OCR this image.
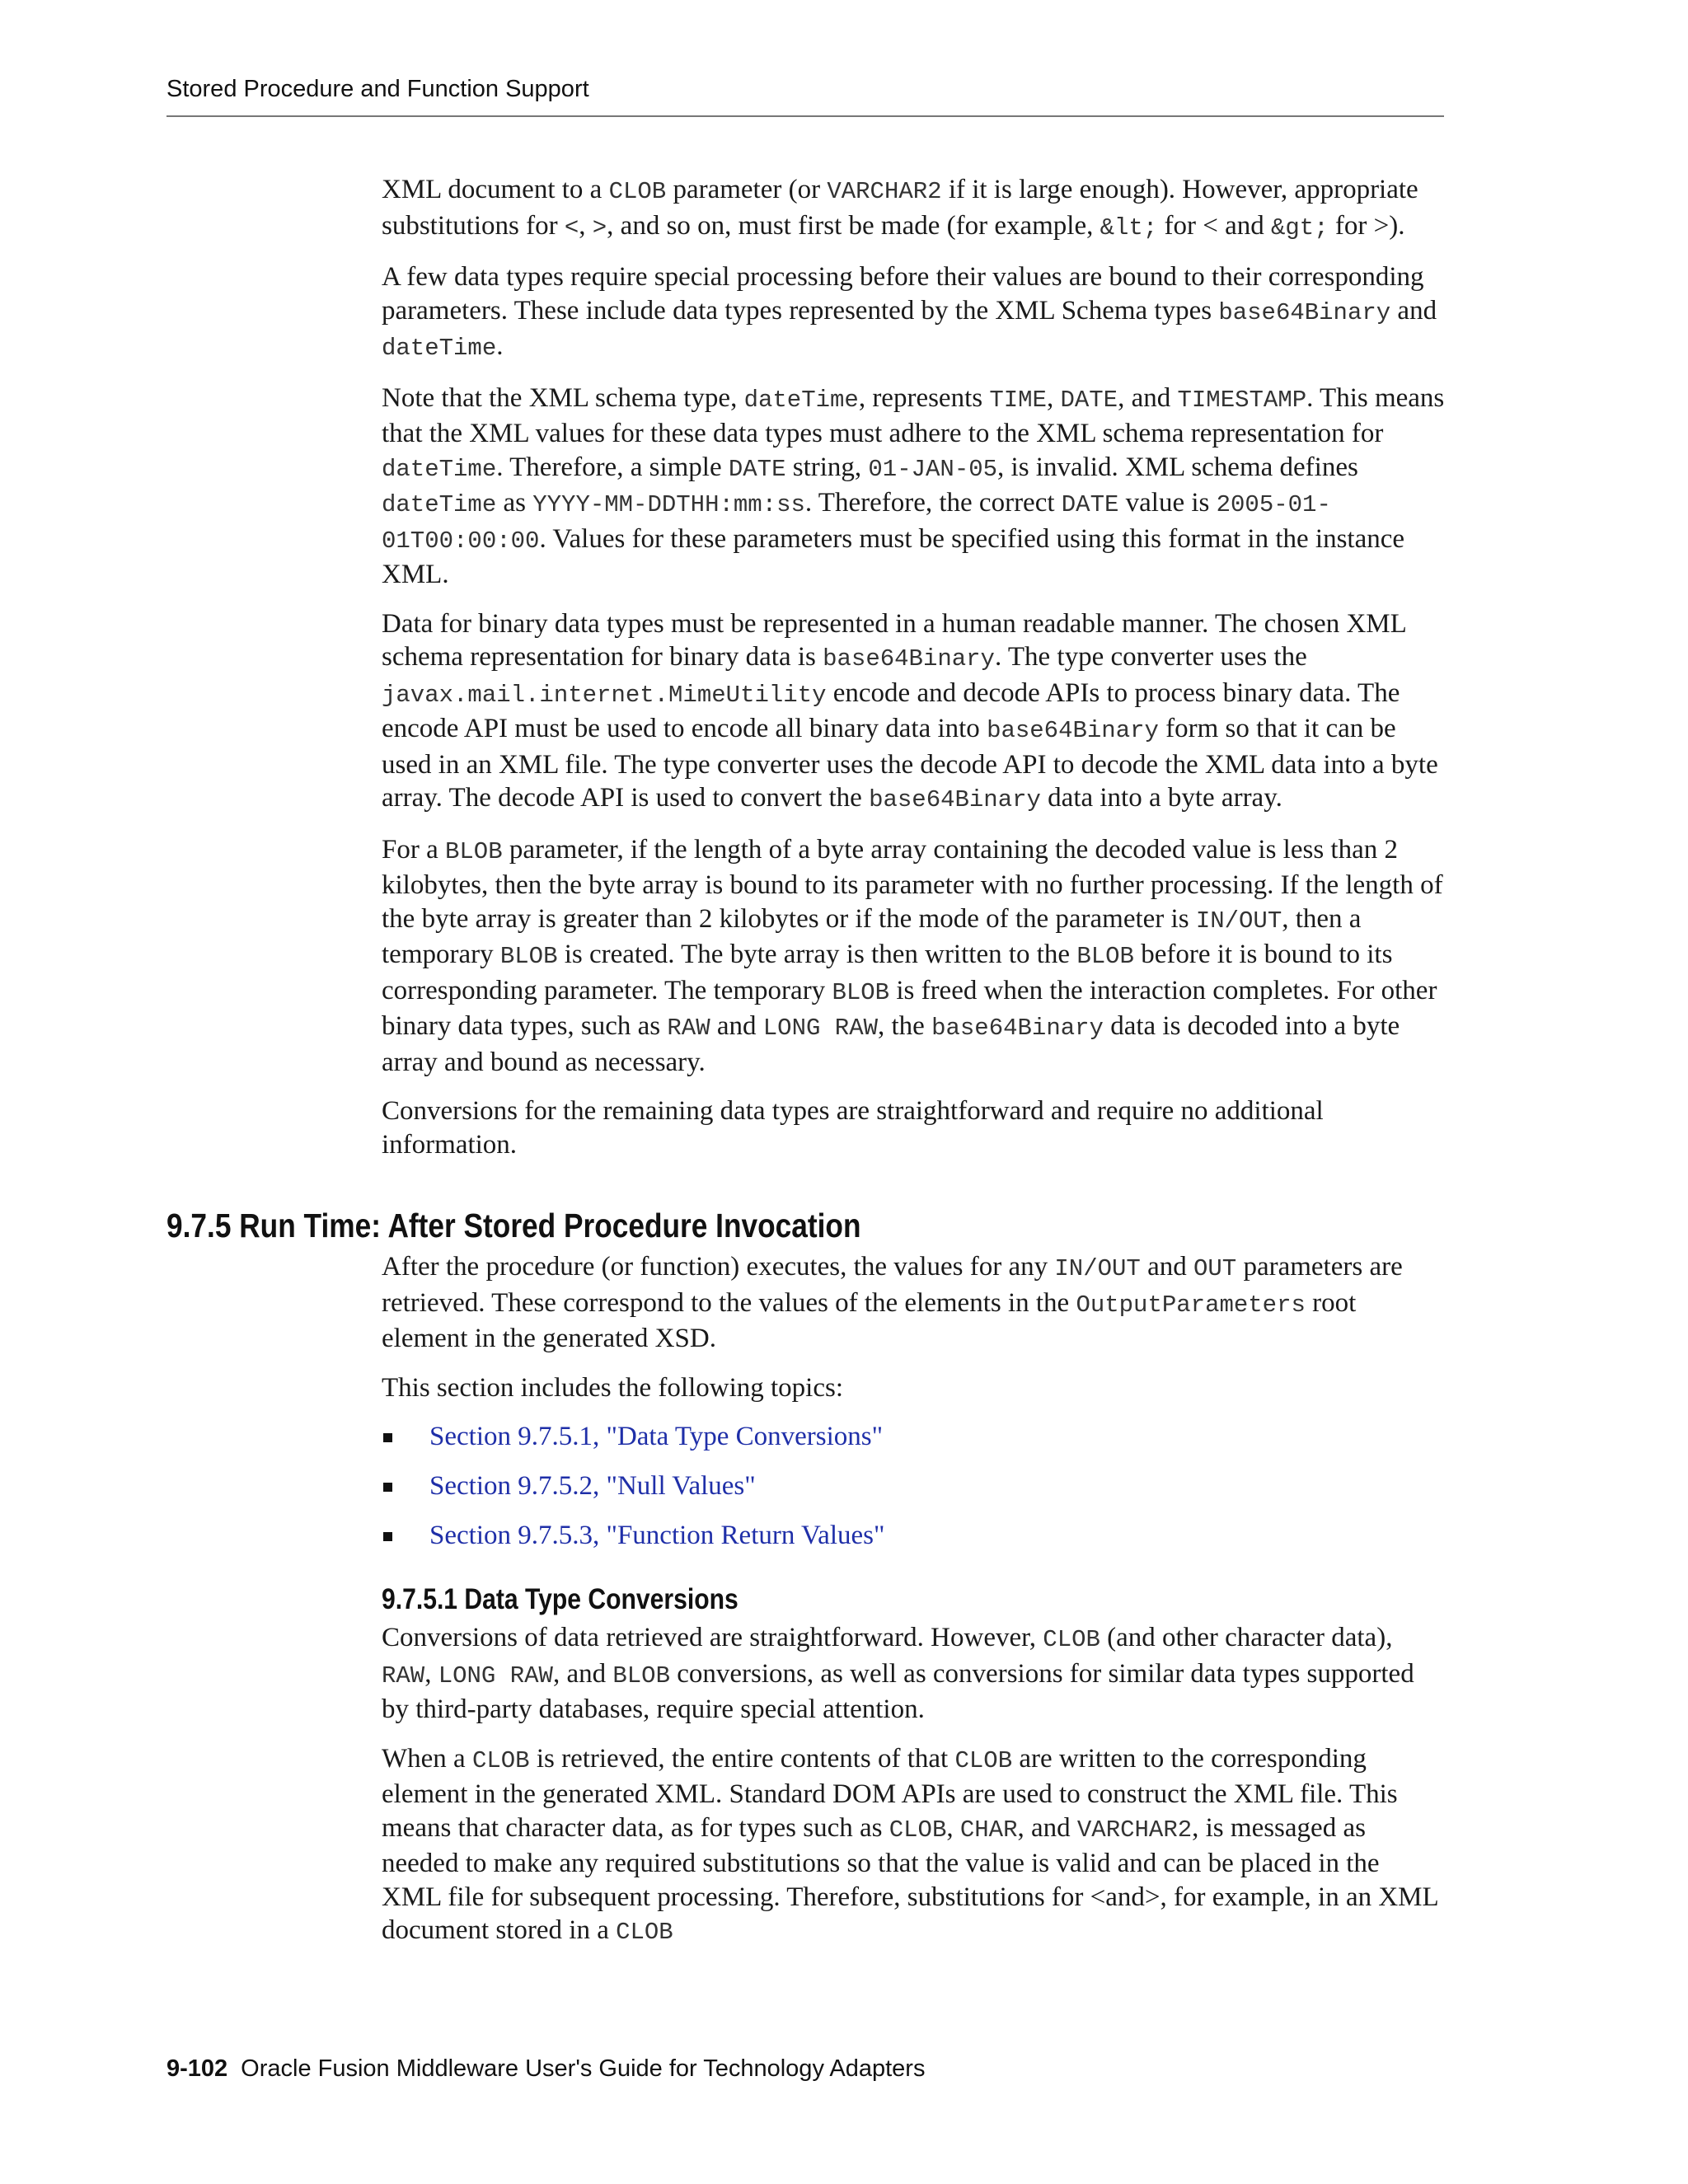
Stored Procedure and Function Support

XML document to a CLOB parameter (or VARCHAR2 if it is large enough). However, appropriate substitutions for <, >, and so on, must first be made (for example, &lt; for < and &gt; for >).

A few data types require special processing before their values are bound to their corresponding parameters. These include data types represented by the XML Schema types base64Binary and dateTime.

Note that the XML schema type, dateTime, represents TIME, DATE, and TIMESTAMP. This means that the XML values for these data types must adhere to the XML schema representation for dateTime. Therefore, a simple DATE string, 01-JAN-05, is invalid. XML schema defines dateTime as YYYY-MM-DDTHH:mm:ss. Therefore, the correct DATE value is 2005-01-01T00:00:00. Values for these parameters must be specified using this format in the instance XML.

Data for binary data types must be represented in a human readable manner. The chosen XML schema representation for binary data is base64Binary. The type converter uses the javax.mail.internet.MimeUtility encode and decode APIs to process binary data. The encode API must be used to encode all binary data into base64Binary form so that it can be used in an XML file. The type converter uses the decode API to decode the XML data into a byte array. The decode API is used to convert the base64Binary data into a byte array.

For a BLOB parameter, if the length of a byte array containing the decoded value is less than 2 kilobytes, then the byte array is bound to its parameter with no further processing. If the length of the byte array is greater than 2 kilobytes or if the mode of the parameter is IN/OUT, then a temporary BLOB is created. The byte array is then written to the BLOB before it is bound to its corresponding parameter. The temporary BLOB is freed when the interaction completes. For other binary data types, such as RAW and LONG RAW, the base64Binary data is decoded into a byte array and bound as necessary.

Conversions for the remaining data types are straightforward and require no additional information.

9.7.5 Run Time: After Stored Procedure Invocation

After the procedure (or function) executes, the values for any IN/OUT and OUT parameters are retrieved. These correspond to the values of the elements in the OutputParameters root element in the generated XSD.

This section includes the following topics:

Section 9.7.5.1, "Data Type Conversions"
Section 9.7.5.2, "Null Values"
Section 9.7.5.3, "Function Return Values"
9.7.5.1 Data Type Conversions

Conversions of data retrieved are straightforward. However, CLOB (and other character data), RAW, LONG RAW, and BLOB conversions, as well as conversions for similar data types supported by third-party databases, require special attention.

When a CLOB is retrieved, the entire contents of that CLOB are written to the corresponding element in the generated XML. Standard DOM APIs are used to construct the XML file. This means that character data, as for types such as CLOB, CHAR, and VARCHAR2, is messaged as needed to make any required substitutions so that the value is valid and can be placed in the XML file for subsequent processing. Therefore, substitutions for <and>, for example, in an XML document stored in a CLOB

9-102 Oracle Fusion Middleware User's Guide for Technology Adapters
